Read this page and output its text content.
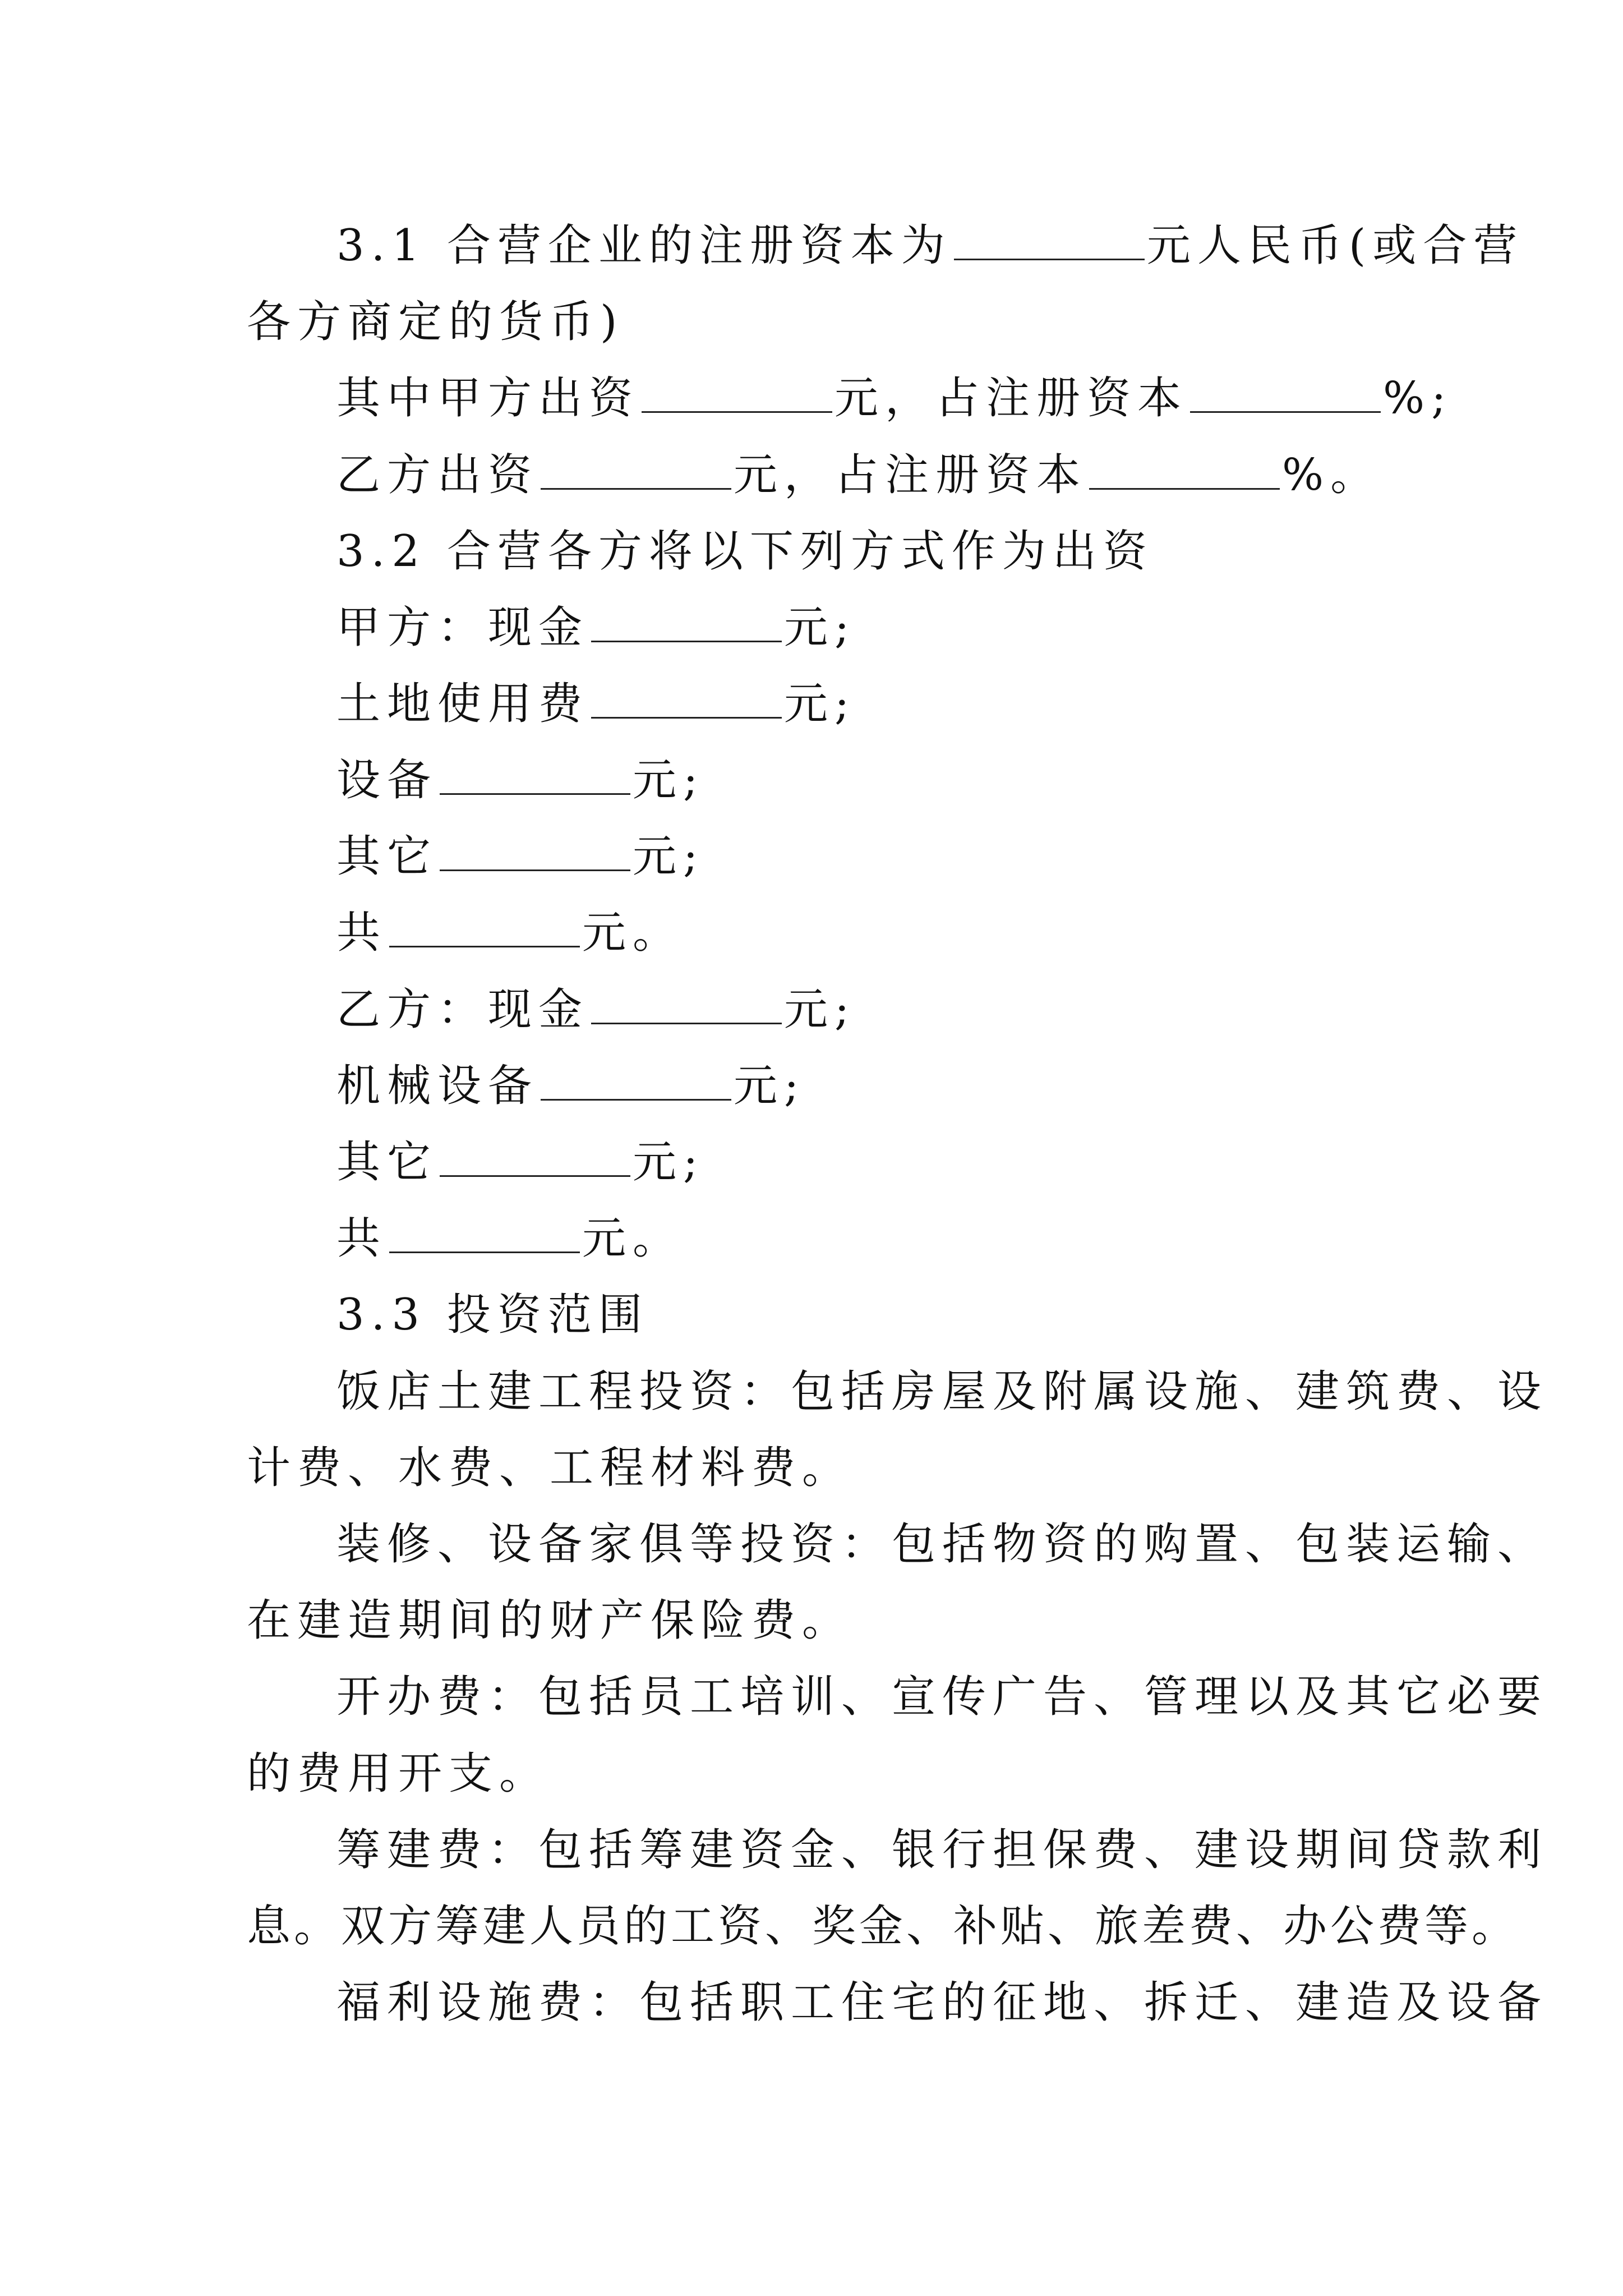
3.1 合营企业的注册资本为	元人民币(或合营
各方商定的货币)
其中甲方出资	元，占注册资本	%;
乙方出资	元，占注册资本	%。
3.2 合营各方将以下列方式作为出资
甲方：现金	元;
土地使用费	元;
设备	元;
其它	元;
共	元。
乙方：现金	元;
机械设备	元;
其它	元;
共	元。
3.3 投资范围
饭店土建工程投资：包括房屋及附属设施、建筑费、设
计费、水费、工程材料费。
装修、设备家俱等投资：包括物资的购置、包装运输、
在建造期间的财产保险费。
开办费：包括员工培训、宣传广告、管理以及其它必要
的费用开支。
筹建费：包括筹建资金、银行担保费、建设期间贷款利
息。双方筹建人员的工资、奖金、补贴、旅差费、办公费等。
福利设施费：包括职工住宅的征地、拆迁、建造及设备
